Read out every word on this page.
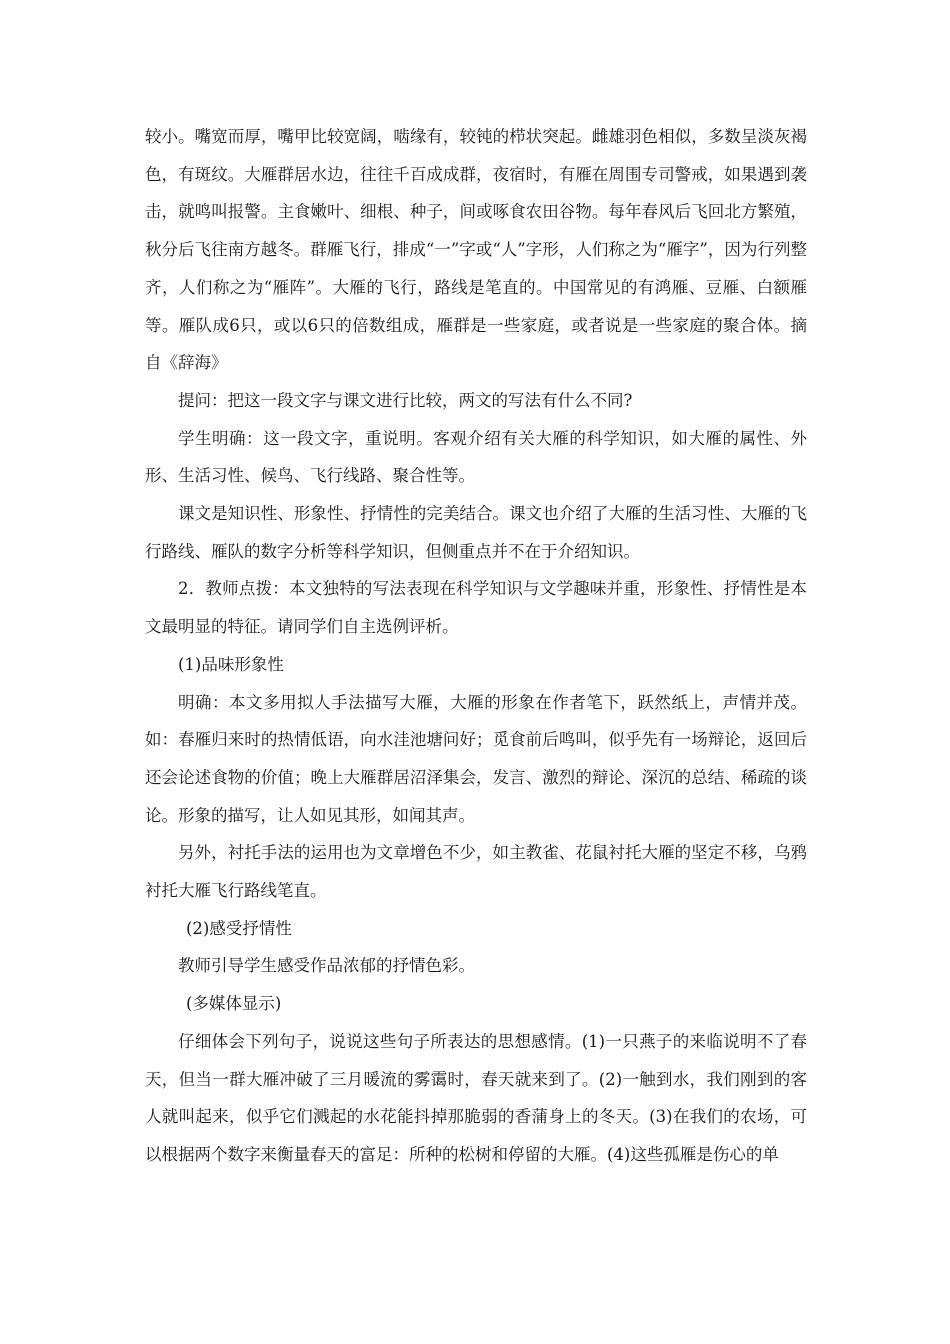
较小。嘴宽而厚，嘴甲比较宽阔，啮缘有，较钝的栉状突起。雌雄羽色相似，多数呈淡灰褐色，有斑纹。大雁群居水边，往往千百成成群，夜宿时，有雁在周围专司警戒，如果遇到袭击，就鸣叫报警。主食嫩叶、细根、种子，间或啄食农田谷物。每年春风后飞回北方繁殖，秋分后飞往南方越冬。群雁飞行，排成“一”字或“人”字形，人们称之为“雁字”，因为行列整齐，人们称之为“雁阵”。大雁的飞行，路线是笔直的。中国常见的有鸿雁、豆雁、白额雁等。雁队成6只，或以6只的倍数组成，雁群是一些家庭，或者说是一些家庭的聚合体。摘自《辞海》

提问：把这一段文字与课文进行比较，两文的写法有什么不同?

学生明确：这一段文字，重说明。客观介绍有关大雁的科学知识，如大雁的属性、外形、生活习性、候鸟、飞行线路、聚合性等。

课文是知识性、形象性、抒情性的完美结合。课文也介绍了大雁的生活习性、大雁的飞行路线、雁队的数字分析等科学知识，但侧重点并不在于介绍知识。

2．教师点拨：本文独特的写法表现在科学知识与文学趣味并重，形象性、抒情性是本文最明显的特征。请同学们自主选例评析。

(1)品味形象性

明确：本文多用拟人手法描写大雁，大雁的形象在作者笔下，跃然纸上，声情并茂。如：春雁归来时的热情低语，向水洼池塘问好；觅食前后鸣叫，似乎先有一场辩论，返回后还会论述食物的价值；晚上大雁群居沼泽集会，发言、激烈的辩论、深沉的总结、稀疏的谈论。形象的描写，让人如见其形，如闻其声。

另外，衬托手法的运用也为文章增色不少，如主教雀、花鼠衬托大雁的坚定不移，乌鸦衬托大雁飞行路线笔直。

(2)感受抒情性

教师引导学生感受作品浓郁的抒情色彩。

(多媒体显示)

仔细体会下列句子，说说这些句子所表达的思想感情。(1)一只燕子的来临说明不了春天，但当一群大雁冲破了三月暖流的雾霭时，春天就来到了。(2)一触到水，我们刚到的客人就叫起来，似乎它们溅起的水花能抖掉那脆弱的香蒲身上的冬天。(3)在我们的农场，可以根据两个数字来衡量春天的富足：所种的松树和停留的大雁。(4)这些孤雁是伤心的单
